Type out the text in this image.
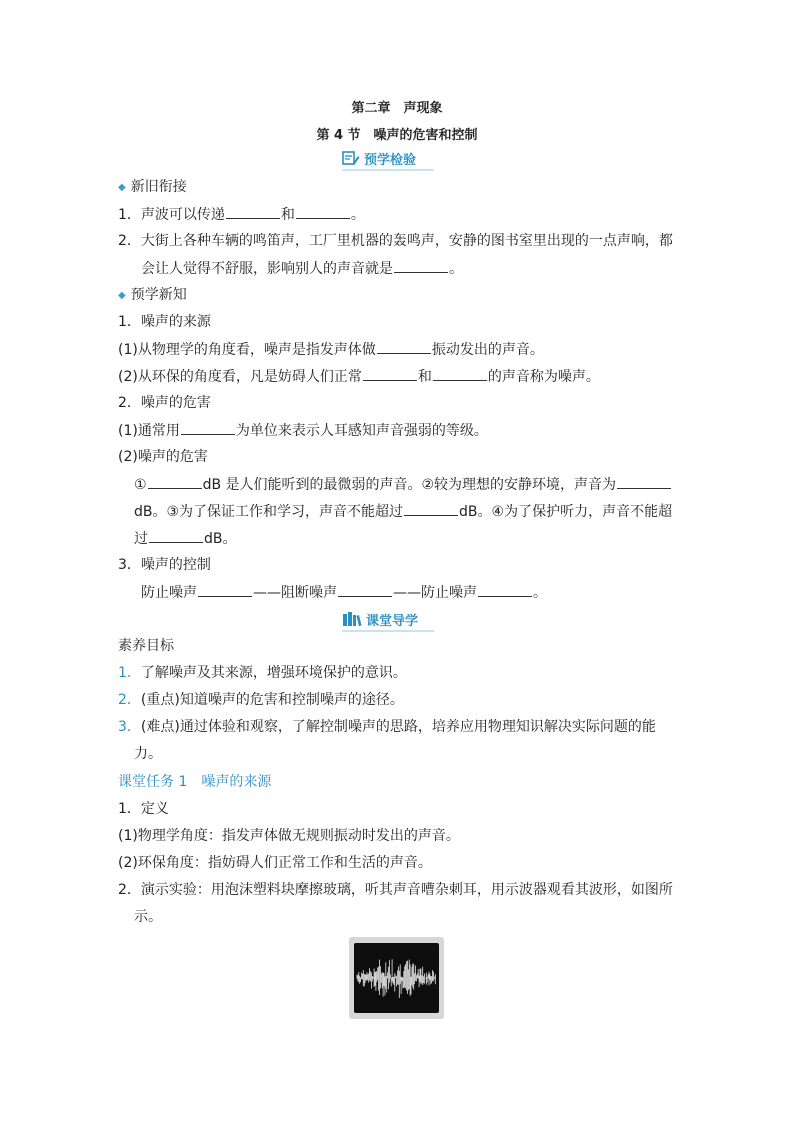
第二章　声现象
第 4 节　噪声的危害和控制
预学检验
◆ 新旧衔接
1．声波可以传递	和	。
2．大街上各种车辆的鸣笛声，工厂里机器的轰鸣声，安静的图书室里出现的一点声响，都
会让人觉得不舒服，影响别人的声音就是	。
◆ 预学新知
1．噪声的来源
(1)从物理学的角度看，噪声是指发声体做	振动发出的声音。
(2)从环保的角度看，凡是妨碍人们正常	和	的声音称为噪声。
2．噪声的危害
(1)通常用	为单位来表示人耳感知声音强弱的等级。
(2)噪声的危害
①	dB 是人们能听到的最微弱的声音。②较为理想的安静环境，声音为
dB。③为了保证工作和学习，声音不能超过	dB。④为了保护听力，声音不能超
过	dB。
3．噪声的控制
防止噪声	——阻断噪声	——防止噪声	。
课堂导学
素养目标
1．了解噪声及其来源，增强环境保护的意识。
2．(重点)知道噪声的危害和控制噪声的途径。
3．(难点)通过体验和观察，了解控制噪声的思路，培养应用物理知识解决实际问题的能
力。
课堂任务 1　噪声的来源
1．定义
(1)物理学角度：指发声体做无规则振动时发出的声音。
(2)环保角度：指妨碍人们正常工作和生活的声音。
2．演示实验：用泡沫塑料块摩擦玻璃，听其声音嘈杂刺耳，用示波器观看其波形，如图所
示。
